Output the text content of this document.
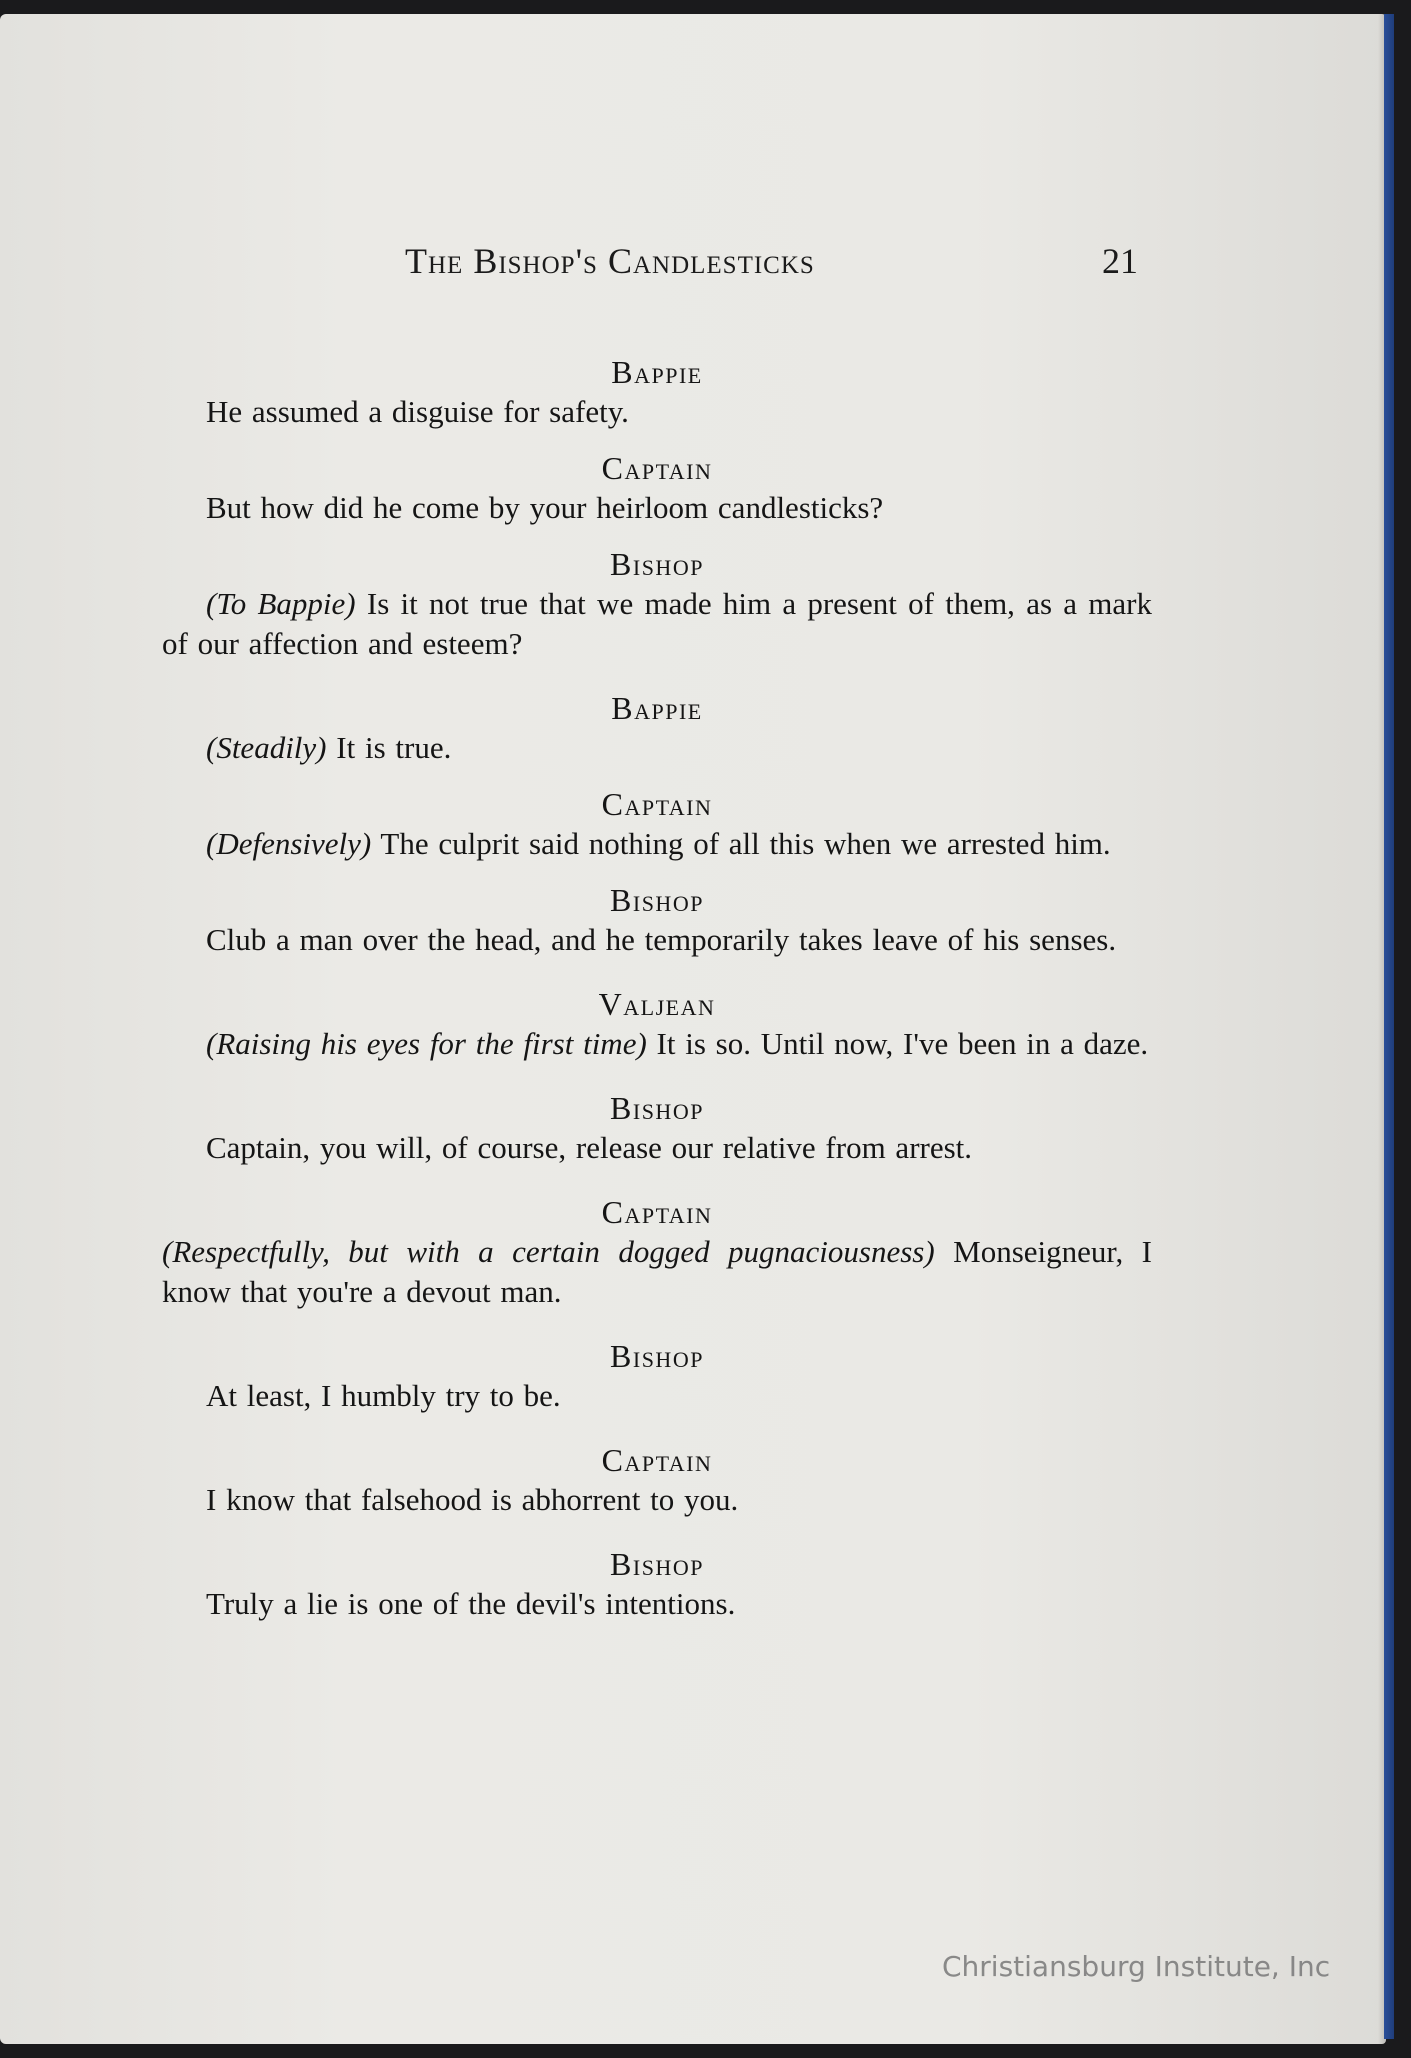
The Bishop's Candlesticks	21
Bappie
He assumed a disguise for safety.
Captain
But how did he come by your heirloom candlesticks?
Bishop
(To Bappie) Is it not true that we made him a present of them, as a mark of our affection and esteem?
Bappie
(Steadily) It is true.
Captain
(Defensively) The culprit said nothing of all this when we arrested him.
Bishop
Club a man over the head, and he temporarily takes leave of his senses.
Valjean
(Raising his eyes for the first time) It is so. Until now, I've been in a daze.
Bishop
Captain, you will, of course, release our relative from arrest.
Captain
(Respectfully, but with a certain dogged pugnaciousness) Monseigneur, I know that you're a devout man.
Bishop
At least, I humbly try to be.
Captain
I know that falsehood is abhorrent to you.
Bishop
Truly a lie is one of the devil's intentions.
Christiansburg Institute, Inc
